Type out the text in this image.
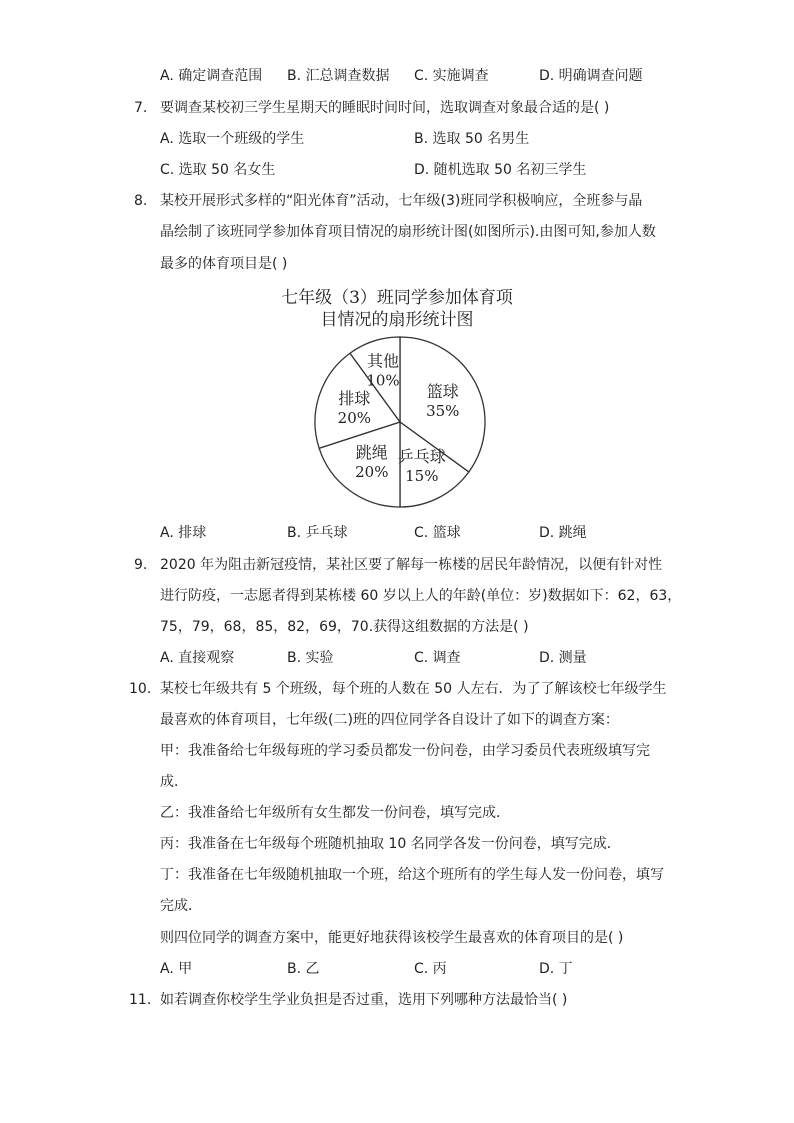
A. 确定调查范围 B. 汇总调查数据 C. 实施调查	D. 明确调查问题
7. 要调查某校初三学生星期天的睡眠时间时间，选取调查对象最合适的是( )
A. 选取一个班级的学生	B. 选取 50 名男生
C. 选取 50 名女生	D. 随机选取 50 名初三学生
8. 某校开展形式多样的“阳光体育”活动，七年级(3)班同学积极响应，全班参与晶
晶绘制了该班同学参加体育项目情况的扇形统计图(如图所示).由图可知,参加人数
最多的体育项目是( )
七年级（3）班同学参加体育项
目情况的扇形统计图
篮球
35%
乒乓球
15%
跳绳
20%
排球
20%
其他
10%
A. 排球	B. 乒乓球	C. 篮球	D. 跳绳
9. 2020 年为阻击新冠疫情，某社区要了解每一栋楼的居民年龄情况，以便有针对性
进行防疫，一志愿者得到某栋楼 60 岁以上人的年龄(单位：岁)数据如下：62，63，
75，79，68，85，82，69，70.获得这组数据的方法是( )
A. 直接观察	B. 实验	C. 调查	D. 测量
10. 某校七年级共有 5 个班级，每个班的人数在 50 人左右．为了了解该校七年级学生
最喜欢的体育项目，七年级(二)班的四位同学各自设计了如下的调查方案：
甲：我准备给七年级每班的学习委员都发一份问卷，由学习委员代表班级填写完
成．
乙：我准备给七年级所有女生都发一份问卷，填写完成．
丙：我准备在七年级每个班随机抽取 10 名同学各发一份问卷，填写完成．
丁：我准备在七年级随机抽取一个班，给这个班所有的学生每人发一份问卷，填写
完成．
则四位同学的调查方案中，能更好地获得该校学生最喜欢的体育项目的是( )
A. 甲	B. 乙	C. 丙	D. 丁
11. 如若调查你校学生学业负担是否过重，选用下列哪种方法最恰当( )
